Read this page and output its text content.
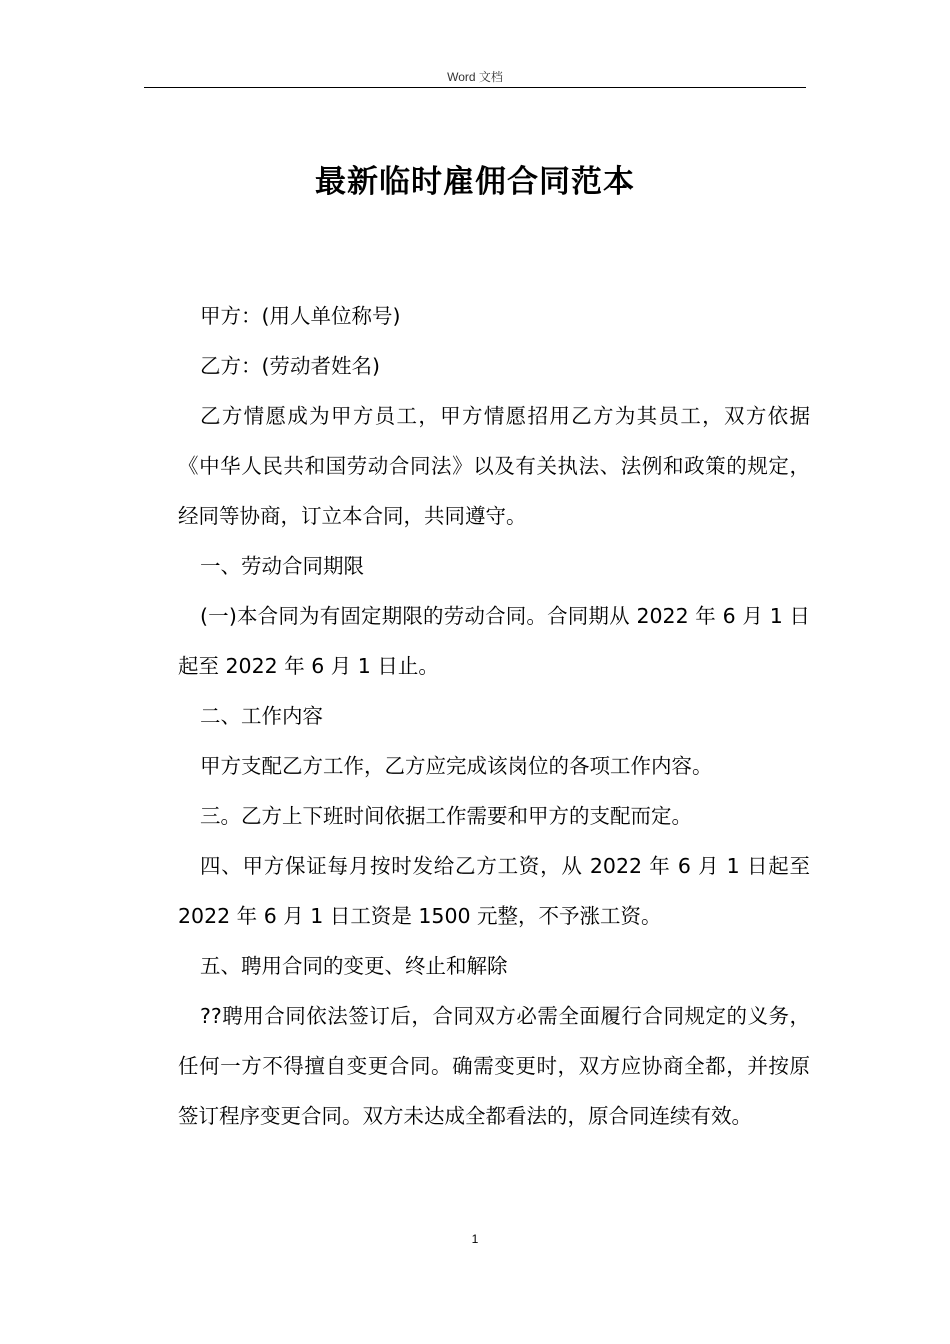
Word 文档
最新临时雇佣合同范本

甲方：(用人单位称号)

乙方：(劳动者姓名)

乙方情愿成为甲方员工，甲方情愿招用乙方为其员工，双方依据《中华人民共和国劳动合同法》以及有关执法、法例和政策的规定，经同等协商，订立本合同，共同遵守。

一、劳动合同期限

(一)本合同为有固定期限的劳动合同。合同期从 2022 年 6 月 1 日起至 2022 年 6 月 1 日止。

二、工作内容

甲方支配乙方工作，乙方应完成该岗位的各项工作内容。

三。乙方上下班时间依据工作需要和甲方的支配而定。

四、甲方保证每月按时发给乙方工资，从 2022 年 6 月 1 日起至 2022 年 6 月 1 日工资是 1500 元整，不予涨工资。

五、聘用合同的变更、终止和解除

??聘用合同依法签订后，合同双方必需全面履行合同规定的义务，任何一方不得擅自变更合同。确需变更时，双方应协商全都，并按原签订程序变更合同。双方未达成全都看法的，原合同连续有效。

1
